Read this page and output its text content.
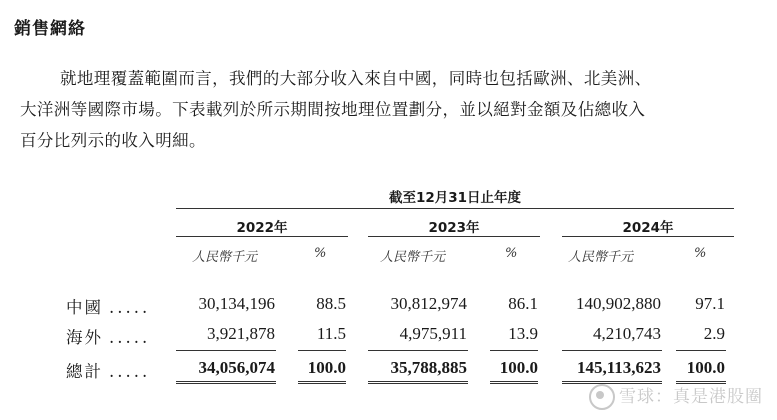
銷售網絡
就地理覆蓋範圍而言，我們的大部分收入來自中國，同時也包括歐洲、北美洲、
大洋洲等國際市場。下表載列於所示期間按地理位置劃分，並以絕對金額及佔總收入
百分比列示的收入明細。
截至12月31日止年度
2022年	2023年	2024年
人民幣千元	%	人民幣千元	%	人民幣千元	%
中國 .....	30,134,196 88.5	30,812,974 86.1 140,902,880 97.1
海外 .....	3,921,878 11.5	4,975,911 13.9	4,210,743	2.9
總計 .....	34,056,074 100.0	35,788,885 100.0 145,113,623 100.0
雪球：真是港股圈
